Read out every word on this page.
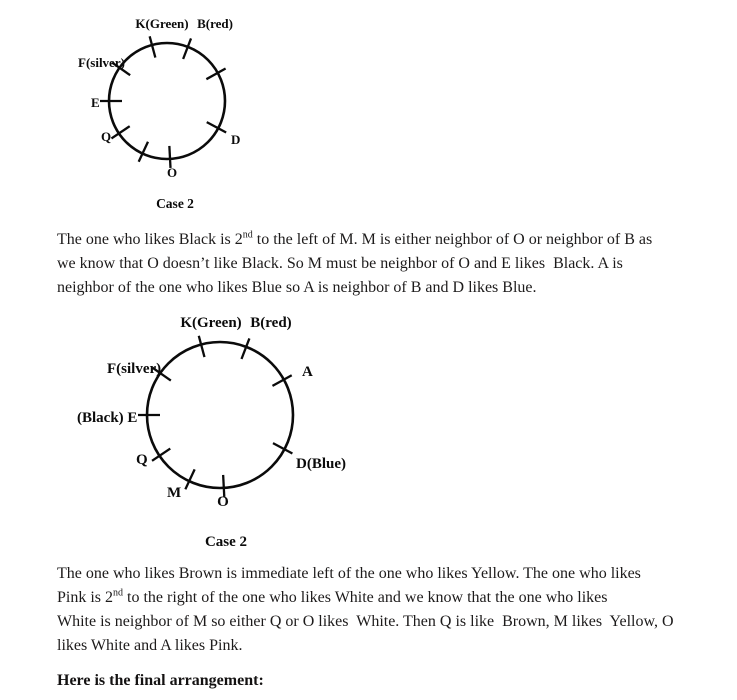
K(Green) B(red)
D
O
Q
E
F(silver)
Case 2
K(Green) B(red)
A
D(Blue)
O
M
Q
(Black) E
F(silver)
Case 2
The one who likes Black is 2nd to the left of M. M is either neighbor of O or neighbor of B as
we know that O doesn’t like Black. So M must be neighbor of O and E likes  Black. A is
neighbor of the one who likes Blue so A is neighbor of B and D likes Blue.
The one who likes Brown is immediate left of the one who likes Yellow. The one who likes
Pink is 2nd to the right of the one who likes White and we know that the one who likes
White is neighbor of M so either Q or O likes  White. Then Q is like  Brown, M likes  Yellow, O
likes White and A likes Pink.
Here is the final arrangement:
